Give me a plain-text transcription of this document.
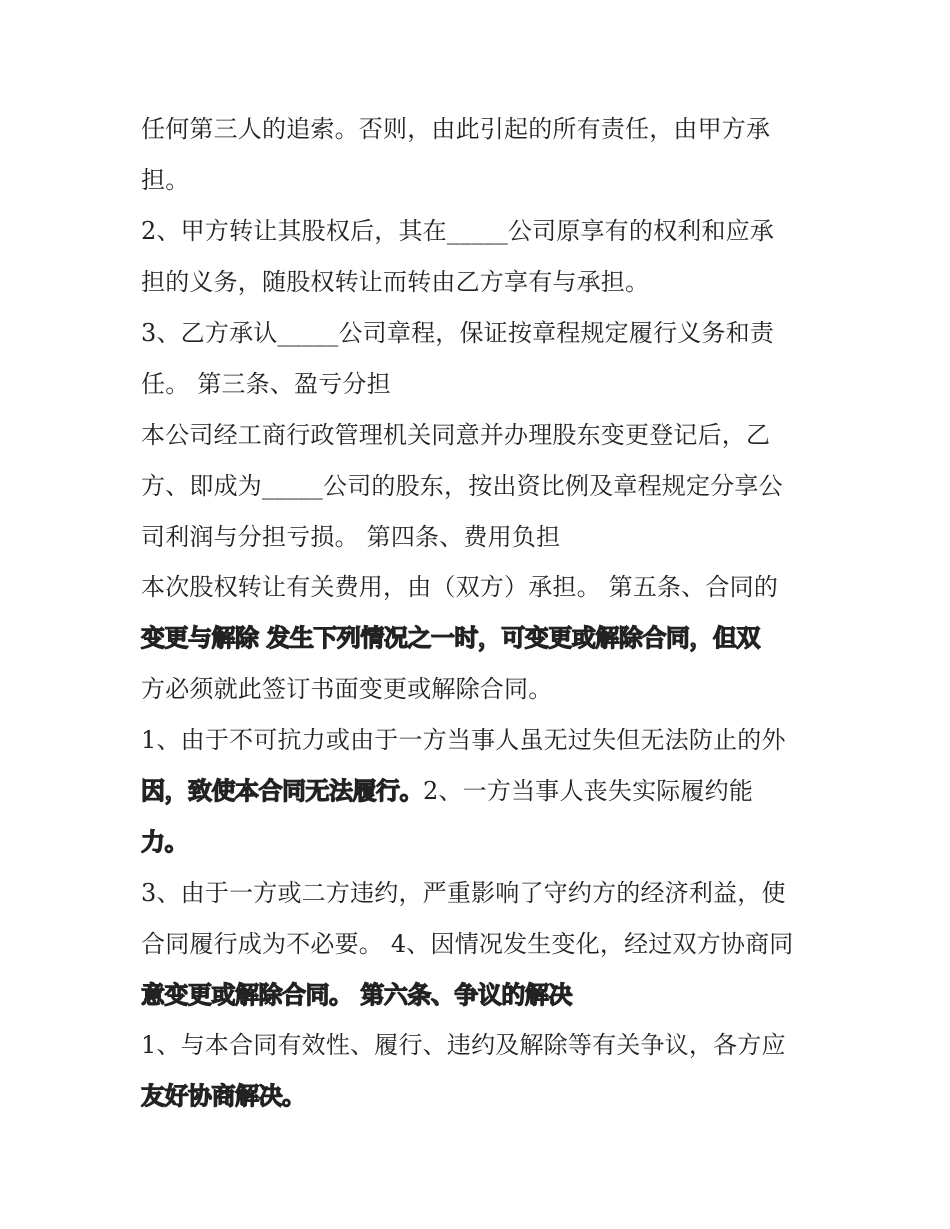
任何第三人的追索。否则，由此引起的所有责任，由甲方承
担。
2、甲方转让其股权后，其在_____公司原享有的权利和应承
担的义务，随股权转让而转由乙方享有与承担。
3、乙方承认_____公司章程，保证按章程规定履行义务和责
任。 第三条、盈亏分担
本公司经工商行政管理机关同意并办理股东变更登记后，乙
方、即成为_____公司的股东，按出资比例及章程规定分享公
司利润与分担亏损。 第四条、费用负担
本次股权转让有关费用，由（双方）承担。 第五条、合同的
变更与解除 发生下列情况之一时，可变更或解除合同，但双
方必须就此签订书面变更或解除合同。
1、由于不可抗力或由于一方当事人虽无过失但无法防止的外
因，致使本合同无法履行。2、一方当事人丧失实际履约能
力。
3、由于一方或二方违约，严重影响了守约方的经济利益，使
合同履行成为不必要。 4、因情况发生变化，经过双方协商同
意变更或解除合同。 第六条、争议的解决
1、与本合同有效性、履行、违约及解除等有关争议，各方应
友好协商解决。
